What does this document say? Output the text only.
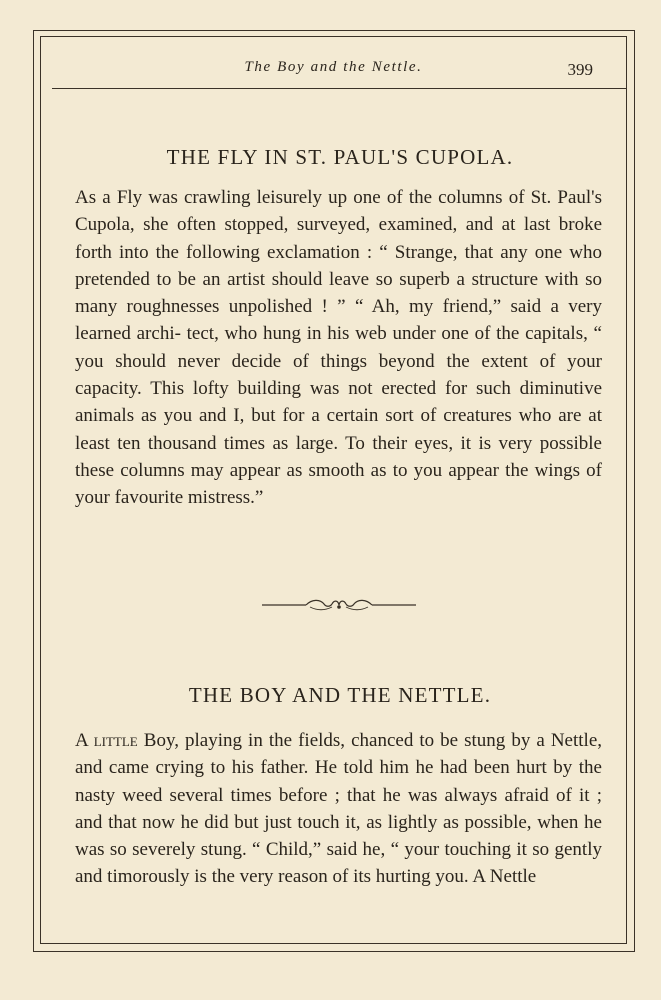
The Boy and the Nettle.	399
THE FLY IN ST. PAUL'S CUPOLA.

As a Fly was crawling leisurely up one of the columns of St. Paul's Cupola, she often stopped, surveyed, examined, and at last broke forth into the following exclamation : “ Strange, that any one who pretended to be an artist should leave so superb a structure with so many roughnesses unpolished ! ” “ Ah, my friend,” said a very learned archi- tect, who hung in his web under one of the capitals, “ you should never decide of things beyond the extent of your capacity. This lofty building was not erected for such diminutive animals as you and I, but for a certain sort of creatures who are at least ten thousand times as large. To their eyes, it is very possible these columns may appear as smooth as to you appear the wings of your favourite mistress.”

THE BOY AND THE NETTLE.

A little Boy, playing in the fields, chanced to be stung by a Nettle, and came crying to his father. He told him he had been hurt by the nasty weed several times before ; that he was always afraid of it ; and that now he did but just touch it, as lightly as possible, when he was so severely stung. “ Child,” said he, “ your touching it so gently and timorously is the very reason of its hurting you. A Nettle
